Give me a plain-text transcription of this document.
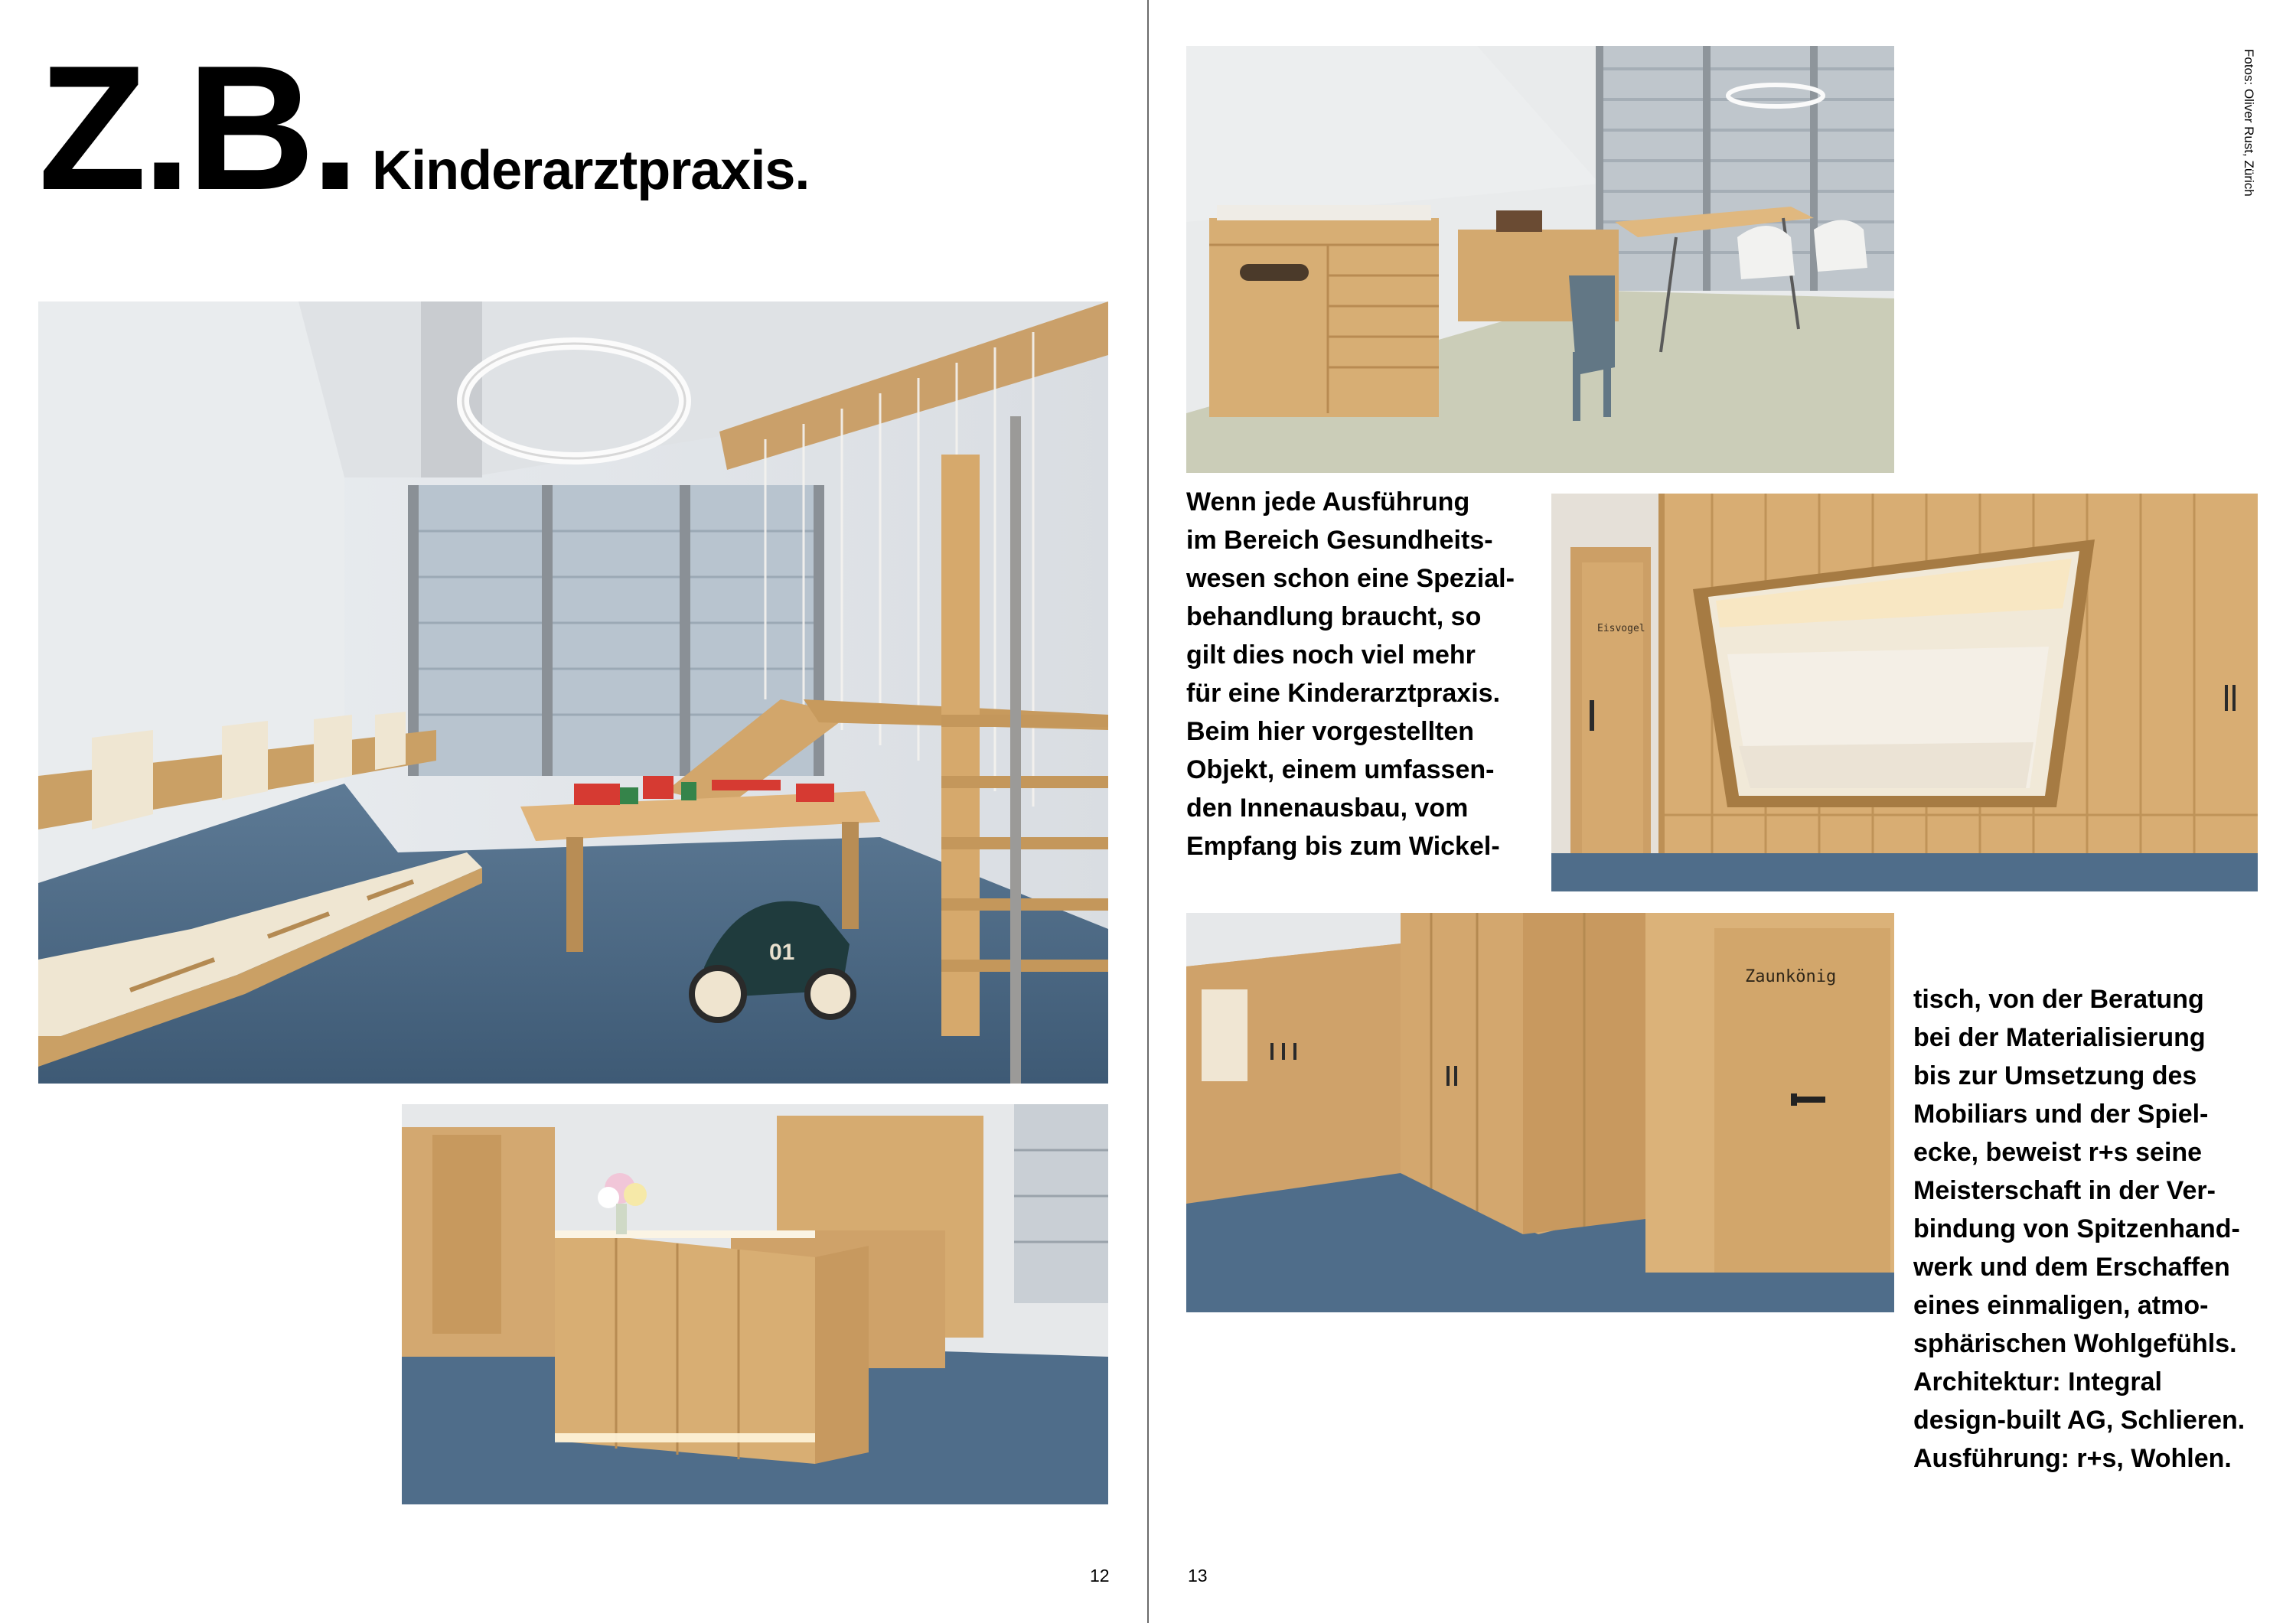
Z.B. Kinderarztpraxis.
01
Eisvogel
Zaunkönig

Wenn jede Ausführung
im Bereich Gesundheits-
wesen schon eine Spezial-
behandlung braucht, so
gilt dies noch viel mehr
für eine Kinderarztpraxis.
Beim hier vorgestellten
Objekt, einem umfassen-
den Innenausbau, vom
Empfang bis zum Wickel-

tisch, von der Beratung
bei der Materialisierung
bis zur Umsetzung des
Mobiliars und der Spiel-
ecke, beweist r+s seine
Meisterschaft in der Ver-
bindung von Spitzenhand-
werk und dem Erschaffen
eines einmaligen, atmo-
sphärischen Wohlgefühls.
Architektur: Integral
design-built AG, Schlieren.
Ausführung: r+s, Wohlen.

Fotos: Oliver Rust, Zürich
12	13
